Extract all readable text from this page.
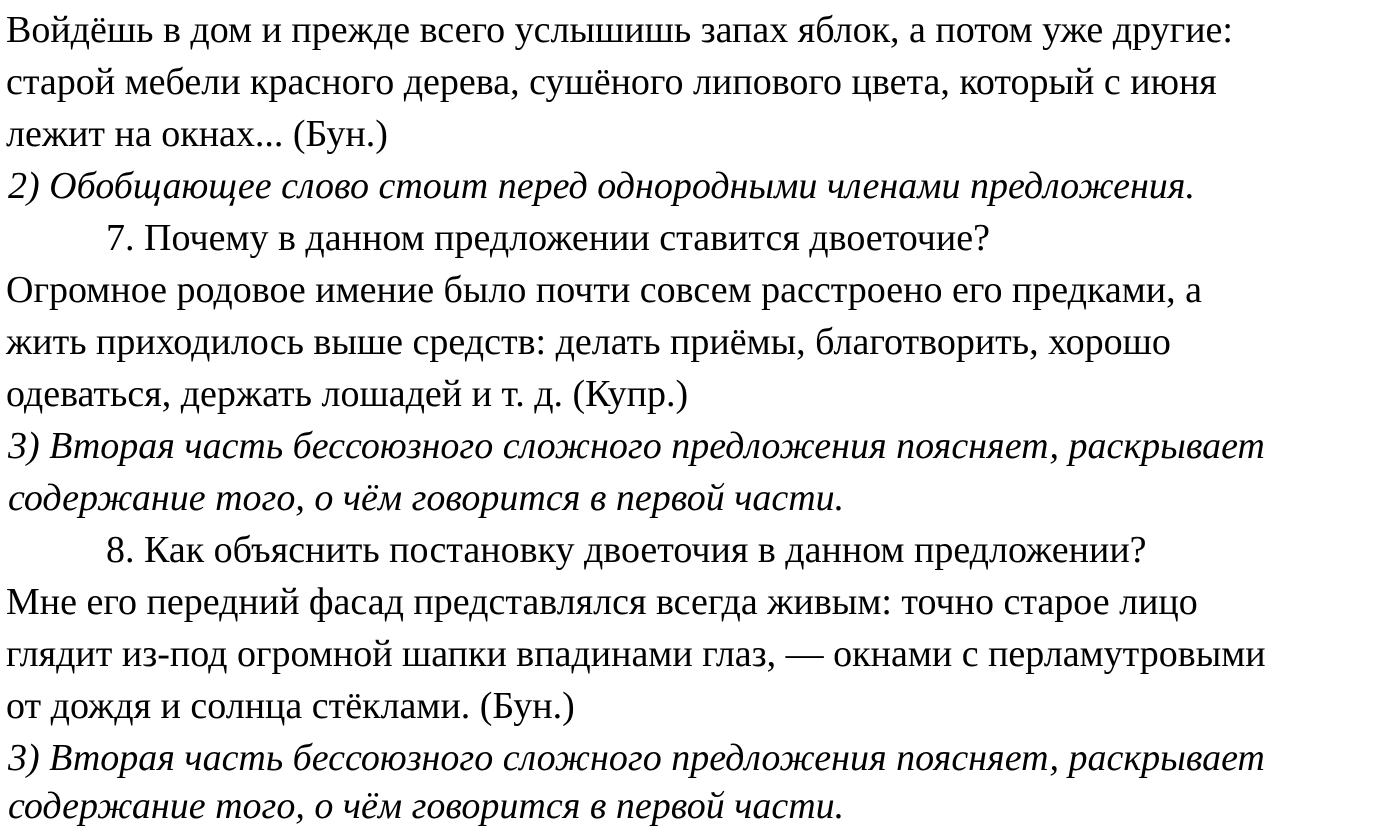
Войдёшь в дом и прежде всего услышишь запах яблок, а потом уже другие:
старой мебели красного дерева, сушёного липового цвета, который с июня
лежит на окнах... (Бун.)
2) Обобщающее слово стоит перед однородными членами предложения.
7. Почему в данном предложении ставится двоеточие?
Огромное родовое имение было почти совсем расстроено его предками, а
жить приходилось выше средств: делать приёмы, благотворить, хорошо
одеваться, держать лошадей и т. д. (Купр.)
3) Вторая часть бессоюзного сложного предложения поясняет, раскрывает
содержание того, о чём говорится в первой части.
8. Как объяснить постановку двоеточия в данном предложении?
Мне его передний фасад представлялся всегда живым: точно старое лицо
глядит из-под огромной шапки впадинами глаз, — окнами с перламутровыми
от дождя и солнца стёклами. (Бун.)
3) Вторая часть бессоюзного сложного предложения поясняет, раскрывает
содержание того, о чём говорится в первой части.
